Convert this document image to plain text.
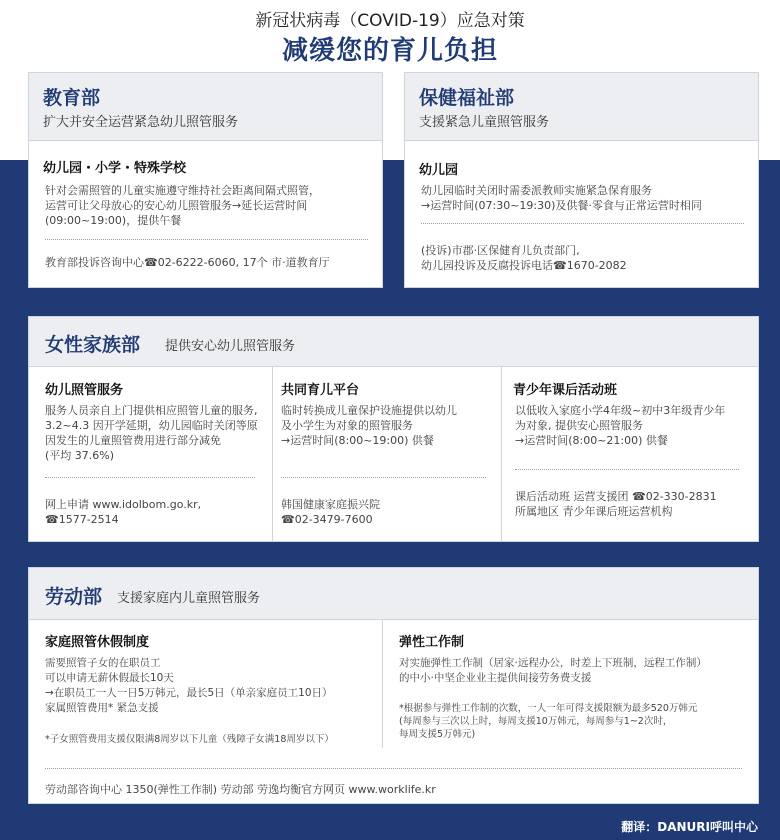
新冠状病毒（COVID-19）应急对策
减缓您的育儿负担
教育部
扩大并安全运营紧急幼儿照管服务
幼儿园・小学・特殊学校
针对会需照管的儿童实施遵守维持社会距离间隔式照管，
运营可让父母放心的安心幼儿照管服务→延长运营时间
(09:00~19:00)，提供午餐
教育部投诉咨询中心☎02-6222-6060, 17个 市·道教育厅
保健福祉部
支援紧急儿童照管服务
幼儿园
幼儿园临时关闭时需委派教师实施紧急保育服务
→运营时间(07:30~19:30)及供餐·零食与正常运营时相同
(投诉)市郡·区保健育儿负责部门,
幼儿园投诉及反腐投诉电话☎1670-2082
女性家族部 提供安心幼儿照管服务
幼儿照管服务
服务人员亲自上门提供相应照管儿童的服务,
3.2~4.3 因开学延期，幼儿园临时关闭等原
因发生的儿童照管费用进行部分减免
(平均 37.6%)
网上申请 www.idolbom.go.kr,
☎1577-2514
共同育儿平台
临时转换成儿童保护设施提供以幼儿
及小学生为对象的照管服务
→运营时间(8:00~19:00) 供餐
韩国健康家庭振兴院
☎02-3479-7600
青少年课后活动班
以低收入家庭小学4年级~初中3年级青少年
为对象, 提供安心照管服务
→运营时间(8:00~21:00) 供餐
课后活动班 运营支援团 ☎02-330-2831
所属地区 青少年课后班运营机构
劳动部 支援家庭内儿童照管服务
家庭照管休假制度
需要照管子女的在职员工
可以申请无薪休假最长10天
→在职员工一人一日5万韩元，最长5日（单亲家庭员工10日）
家属照管费用* 紧急支援
*子女照管费用支援仅限满8周岁以下儿童（残障子女满18周岁以下）
弹性工作制
对实施弹性工作制（居家·远程办公，时差上下班制，远程工作制）
的中小·中坚企业业主提供间接劳务费支援
*根据参与弹性工作制的次数，一人一年可得支援限额为最多520万韩元
(每周参与三次以上时，每周支援10万韩元，每周参与1~2次时，
每周支援5万韩元)
劳动部咨询中心 1350(弹性工作制) 劳动部 劳逸均衡官方网页 www.worklife.kr
翻译：DANURI呼叫中心
